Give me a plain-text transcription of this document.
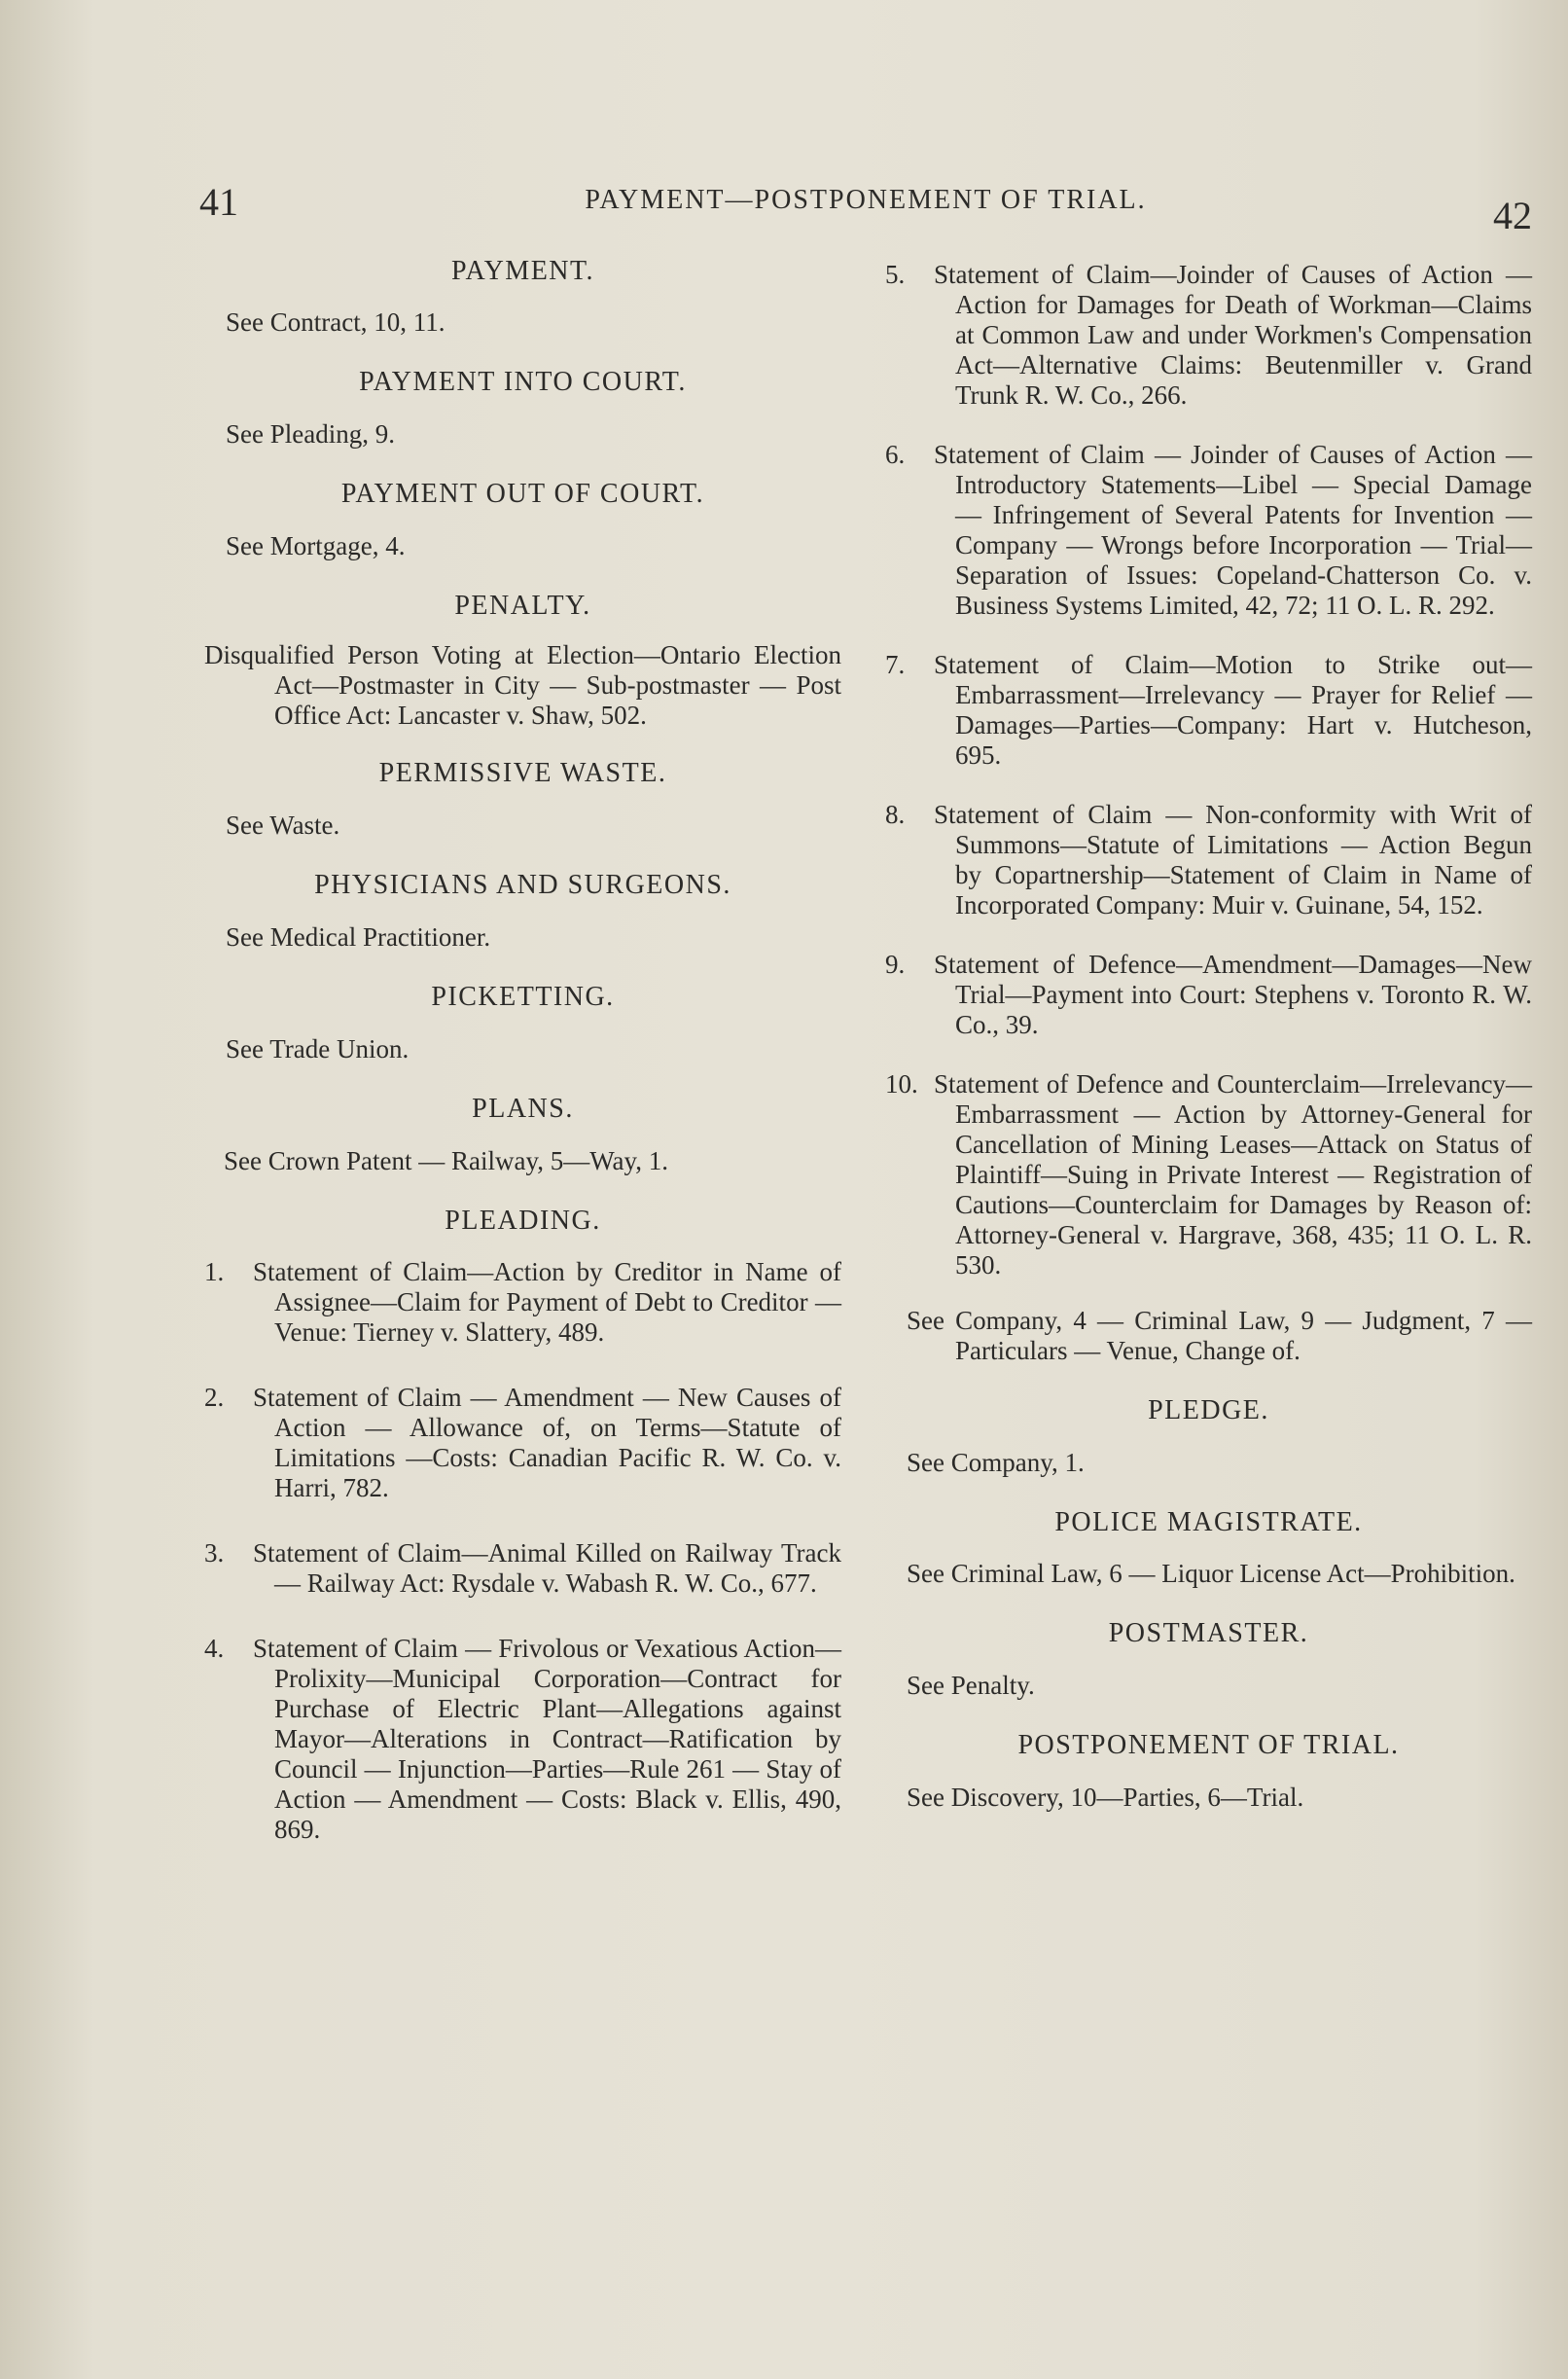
41	PAYMENT—POSTPONEMENT OF TRIAL.	42

PAYMENT.

See Contract, 10, 11.

PAYMENT INTO COURT.

See Pleading, 9.

PAYMENT OUT OF COURT.

See Mortgage, 4.

PENALTY.

Disqualified Person Voting at Election—Ontario Election Act—Postmaster in City — Sub-postmaster — Post Office Act: Lancaster v. Shaw, 502.

PERMISSIVE WASTE.

See Waste.

PHYSICIANS AND SURGEONS.

See Medical Practitioner.

PICKETTING.

See Trade Union.

PLANS.

See Crown Patent — Railway, 5—Way, 1.

PLEADING.

1. Statement of Claim—Action by Creditor in Name of Assignee—Claim for Payment of Debt to Creditor — Venue: Tierney v. Slattery, 489.

2. Statement of Claim — Amendment — New Causes of Action — Allowance of, on Terms—Statute of Limitations —Costs: Canadian Pacific R. W. Co. v. Harri, 782.

3. Statement of Claim—Animal Killed on Railway Track — Railway Act: Rysdale v. Wabash R. W. Co., 677.

4. Statement of Claim — Frivolous or Vexatious Action—Prolixity—Municipal Corporation—Contract for Purchase of Electric Plant—Allegations against Mayor—Alterations in Contract—Ratification by Council — Injunction—Parties—Rule 261 — Stay of Action — Amendment — Costs: Black v. Ellis, 490, 869.

5. Statement of Claim—Joinder of Causes of Action — Action for Damages for Death of Workman—Claims at Common Law and under Workmen's Compensation Act—Alternative Claims: Beutenmiller v. Grand Trunk R. W. Co., 266.

6. Statement of Claim — Joinder of Causes of Action — Introductory Statements—Libel — Special Damage — Infringement of Several Patents for Invention — Company — Wrongs before Incorporation — Trial—Separation of Issues: Copeland-Chatterson Co. v. Business Systems Limited, 42, 72; 11 O. L. R. 292.

7. Statement of Claim—Motion to Strike out—Embarrassment—Irrelevancy — Prayer for Relief — Damages—Parties—Company: Hart v. Hutcheson, 695.

8. Statement of Claim — Non-conformity with Writ of Summons—Statute of Limitations — Action Begun by Copartnership—Statement of Claim in Name of Incorporated Company: Muir v. Guinane, 54, 152.

9. Statement of Defence—Amendment—Damages—New Trial—Payment into Court: Stephens v. Toronto R. W. Co., 39.

10. Statement of Defence and Counterclaim—Irrelevancy—Embarrassment — Action by Attorney-General for Cancellation of Mining Leases—Attack on Status of Plaintiff—Suing in Private Interest — Registration of Cautions—Counterclaim for Damages by Reason of: Attorney-General v. Hargrave, 368, 435; 11 O. L. R. 530.

See Company, 4 — Criminal Law, 9 — Judgment, 7 — Particulars — Venue, Change of.

PLEDGE.

See Company, 1.

POLICE MAGISTRATE.

See Criminal Law, 6 — Liquor License Act—Prohibition.

POSTMASTER.

See Penalty.

POSTPONEMENT OF TRIAL.

See Discovery, 10—Parties, 6—Trial.
